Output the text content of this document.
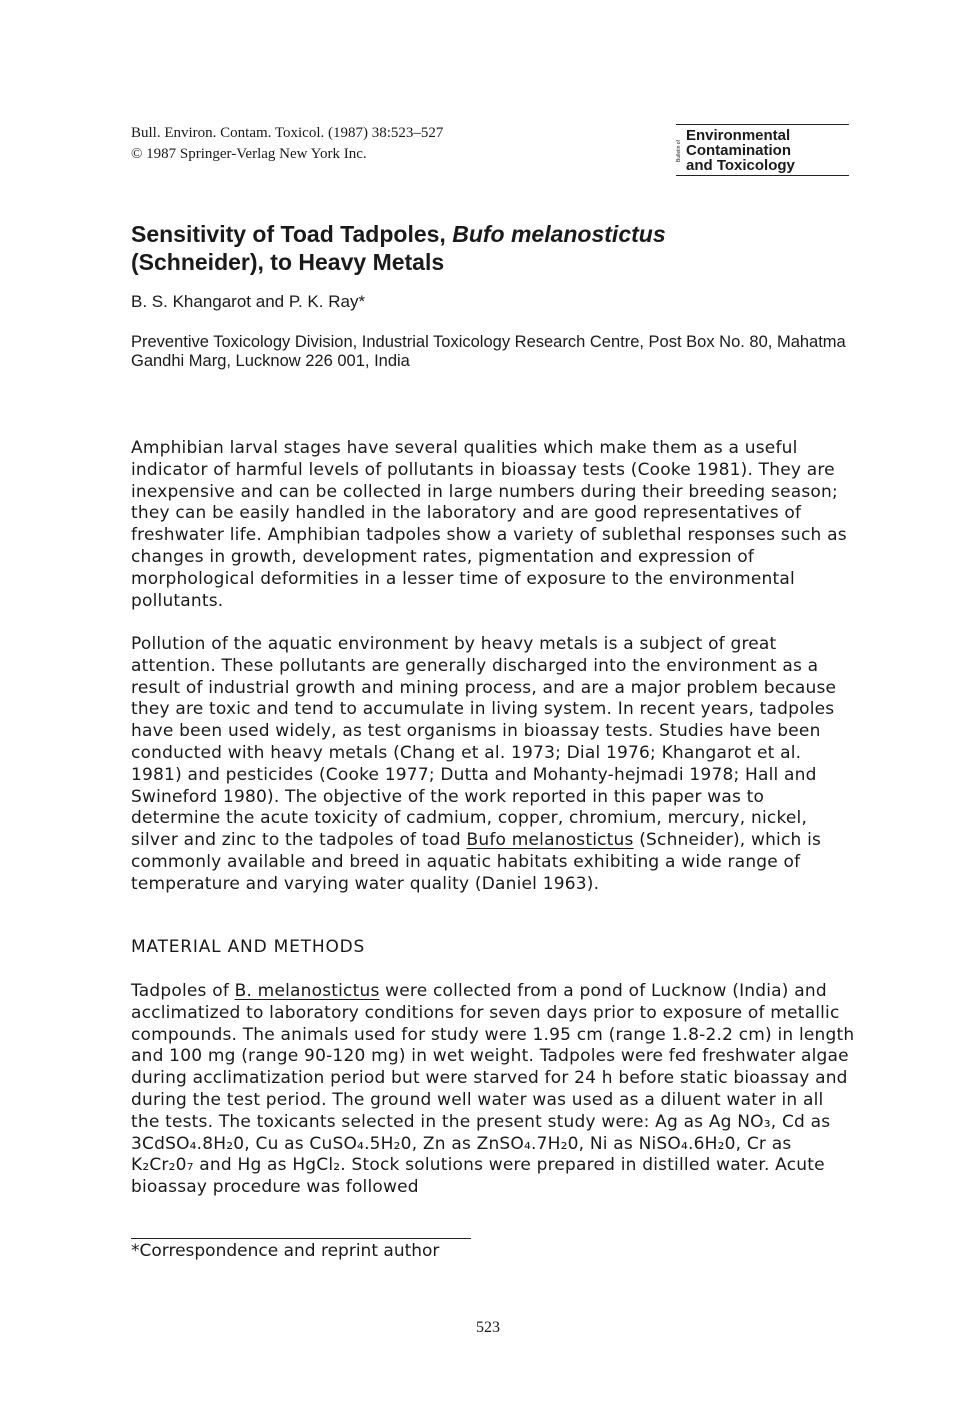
Bull. Environ. Contam. Toxicol. (1987) 38:523–527
© 1987 Springer-Verlag New York Inc.	Bulletin of
Environmental
Contamination
and Toxicology
Sensitivity of Toad Tadpoles, Bufo melanostictus
(Schneider), to Heavy Metals
B. S. Khangarot and P. K. Ray*
Preventive Toxicology Division, Industrial Toxicology Research Centre, Post Box No. 80, Mahatma Gandhi Marg, Lucknow 226 001, India

Amphibian larval stages have several qualities which make them as a useful indicator of harmful levels of pollutants in bioassay tests (Cooke 1981). They are inexpensive and can be collected in large numbers during their breeding season; they can be easily handled in the laboratory and are good representatives of freshwater life. Amphibian tadpoles show a variety of sublethal responses such as changes in growth, development rates, pigmentation and expression of morphological deformities in a lesser time of exposure to the environmental pollutants.

Pollution of the aquatic environment by heavy metals is a subject of great attention. These pollutants are generally discharged into the environment as a result of industrial growth and mining process, and are a major problem because they are toxic and tend to accumulate in living system. In recent years, tadpoles have been used widely, as test organisms in bioassay tests. Studies have been conducted with heavy metals (Chang et al. 1973; Dial 1976; Khangarot et al. 1981) and pesticides (Cooke 1977; Dutta and Mohanty-hejmadi 1978; Hall and Swineford 1980). The objective of the work reported in this paper was to determine the acute toxicity of cadmium, copper, chromium, mercury, nickel, silver and zinc to the tadpoles of toad Bufo melanostictus (Schneider), which is commonly available and breed in aquatic habitats exhibiting a wide range of temperature and varying water quality (Daniel 1963).

MATERIAL AND METHODS

Tadpoles of B. melanostictus were collected from a pond of Lucknow (India) and acclimatized to laboratory conditions for seven days prior to exposure of metallic compounds. The animals used for study were 1.95 cm (range 1.8-2.2 cm) in length and 100 mg (range 90-120 mg) in wet weight. Tadpoles were fed freshwater algae during acclimatization period but were starved for 24 h before static bioassay and during the test period. The ground well water was used as a diluent water in all the tests. The toxicants selected in the present study were: Ag as Ag NO₃, Cd as 3CdSO₄.8H₂0, Cu as CuSO₄.5H₂0, Zn as ZnSO₄.7H₂0, Ni as NiSO₄.6H₂0, Cr as K₂Cr₂0₇ and Hg as HgCl₂. Stock solutions were prepared in distilled water. Acute bioassay procedure was followed

*Correspondence and reprint author
523
